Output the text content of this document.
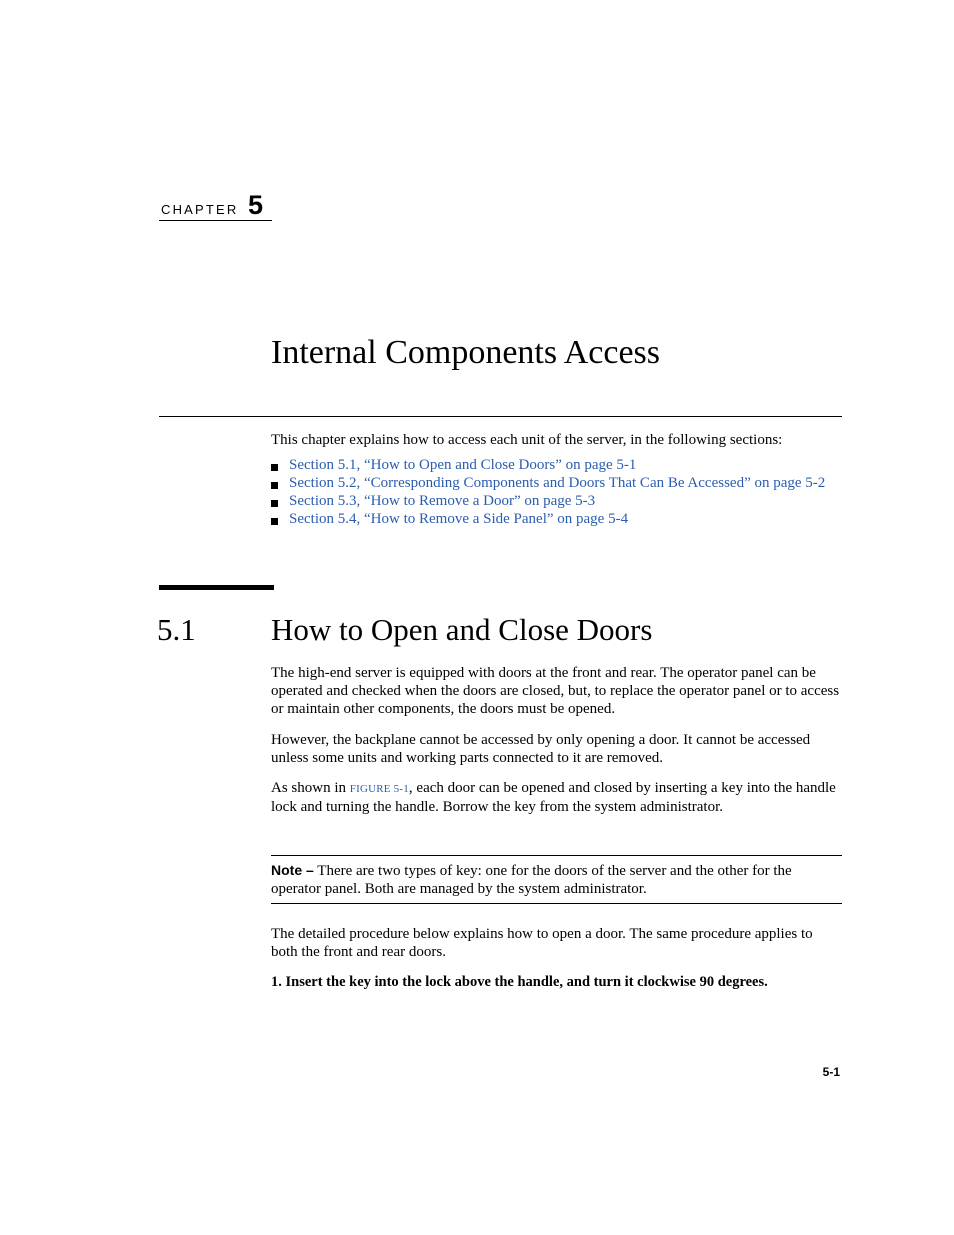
CHAPTER 5
Internal Components Access

This chapter explains how to access each unit of the server, in the following sections:

Section 5.1, “How to Open and Close Doors” on page 5-1
Section 5.2, “Corresponding Components and Doors That Can Be Accessed” on page 5-2
Section 5.3, “How to Remove a Door” on page 5-3
Section 5.4, “How to Remove a Side Panel” on page 5-4
5.1 How to Open and Close Doors

The high-end server is equipped with doors at the front and rear. The operator panel can be operated and checked when the doors are closed, but, to replace the operator panel or to access or maintain other components, the doors must be opened.

However, the backplane cannot be accessed by only opening a door. It cannot be accessed unless some units and working parts connected to it are removed.

As shown in FIGURE 5-1, each door can be opened and closed by inserting a key into the handle lock and turning the handle. Borrow the key from the system administrator.

Note – There are two types of key: one for the doors of the server and the other for the operator panel. Both are managed by the system administrator.

The detailed procedure below explains how to open a door. The same procedure applies to both the front and rear doors.

1. Insert the key into the lock above the handle, and turn it clockwise 90 degrees.

5-1
